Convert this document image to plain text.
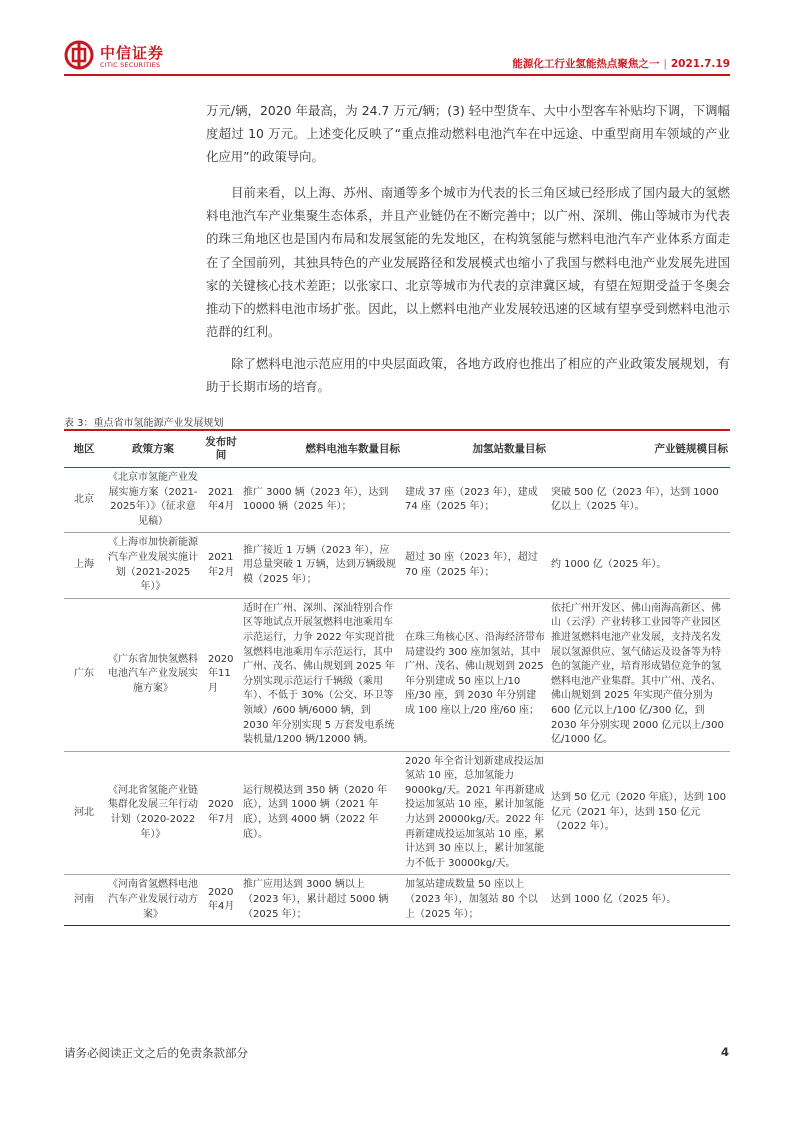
中信证券
CITIC SECURITIES	能源化工行业氢能热点聚焦之一 | 2021.7.19

万元/辆，2020 年最高，为 24.7 万元/辆；(3) 轻中型货车、大中小型客车补贴均下调，下调幅度超过 10 万元。上述变化反映了“重点推动燃料电池汽车在中远途、中重型商用车领域的产业化应用”的政策导向。

目前来看，以上海、苏州、南通等多个城市为代表的长三角区域已经形成了国内最大的氢燃料电池汽车产业集聚生态体系，并且产业链仍在不断完善中；以广州、深圳、佛山等城市为代表的珠三角地区也是国内布局和发展氢能的先发地区，在构筑氢能与燃料电池汽车产业体系方面走在了全国前列，其独具特色的产业发展路径和发展模式也缩小了我国与燃料电池产业发展先进国家的关键核心技术差距；以张家口、北京等城市为代表的京津冀区域，有望在短期受益于冬奥会推动下的燃料电池市场扩张。因此，以上燃料电池产业发展较迅速的区域有望享受到燃料电池示范群的红利。

除了燃料电池示范应用的中央层面政策，各地方政府也推出了相应的产业政策发展规划，有助于长期市场的培育。

表 3：重点省市氢能源产业发展规划

地区	政策方案	发布时间	燃料电池车数量目标	加氢站数量目标	产业链规模目标
北京	《北京市氢能产业发展实施方案（2021-2025年）》（征求意见稿）	2021年4月	推广 3000 辆（2023 年），达到 10000 辆（2025 年）；	建成 37 座（2023 年），建成 74 座（2025 年）；	突破 500 亿（2023 年），达到 1000 亿以上（2025 年）。
上海	《上海市加快新能源汽车产业发展实施计划（2021-2025年）》	2021年2月	推广接近 1 万辆（2023 年），应用总量突破 1 万辆，达到万辆级规模（2025 年）；	超过 30 座（2023 年），超过 70 座（2025 年）；	约 1000 亿（2025 年）。
广东	《广东省加快氢燃料电池汽车产业发展实施方案》	2020年11月	适时在广州、深圳、深汕特别合作区等地试点开展氢燃料电池乘用车示范运行，力争 2022 年实现首批氢燃料电池乘用车示范运行，其中广州、茂名、佛山规划到 2025 年分别实现示范运行千辆级（乘用车）、不低于 30%（公交、环卫等领域）/600 辆/6000 辆，到 2030 年分别实现 5 万套发电系统装机量/1200 辆/12000 辆。	在珠三角核心区、沿海经济带布局建设约 300 座加氢站，其中广州、茂名、佛山规划到 2025 年分别建成 50 座以上/10 座/30 座，到 2030 年分别建成 100 座以上/20 座/60 座；	依托广州开发区、佛山南海高新区、佛山（云浮）产业转移工业园等产业园区推进氢燃料电池产业发展，支持茂名发展以氢源供应、氢气储运及设备等为特色的氢能产业，培育形成错位竞争的氢燃料电池产业集群。其中广州、茂名、佛山规划到 2025 年实现产值分别为 600 亿元以上/100 亿/300 亿，到 2030 年分别实现 2000 亿元以上/300 亿/1000 亿。
河北	《河北省氢能产业链集群化发展三年行动计划（2020-2022年）》	2020年7月	运行规模达到 350 辆（2020 年底），达到 1000 辆（2021 年底），达到 4000 辆（2022 年底）。	2020 年全省计划新建成投运加氢站 10 座，总加氢能力 9000kg/天。2021 年再新建成投运加氢站 10 座，累计加氢能力达到 20000kg/天。2022 年再新建成投运加氢站 10 座，累计达到 30 座以上，累计加氢能力不低于 30000kg/天。	达到 50 亿元（2020 年底），达到 100 亿元（2021 年），达到 150 亿元（2022 年）。
河南	《河南省氢燃料电池汽车产业发展行动方案》	2020年4月	推广应用达到 3000 辆以上（2023 年），累计超过 5000 辆（2025 年）；	加氢站建成数量 50 座以上（2023 年），加氢站 80 个以上（2025 年）；	达到 1000 亿（2025 年）。

请务必阅读正文之后的免责条款部分	4
